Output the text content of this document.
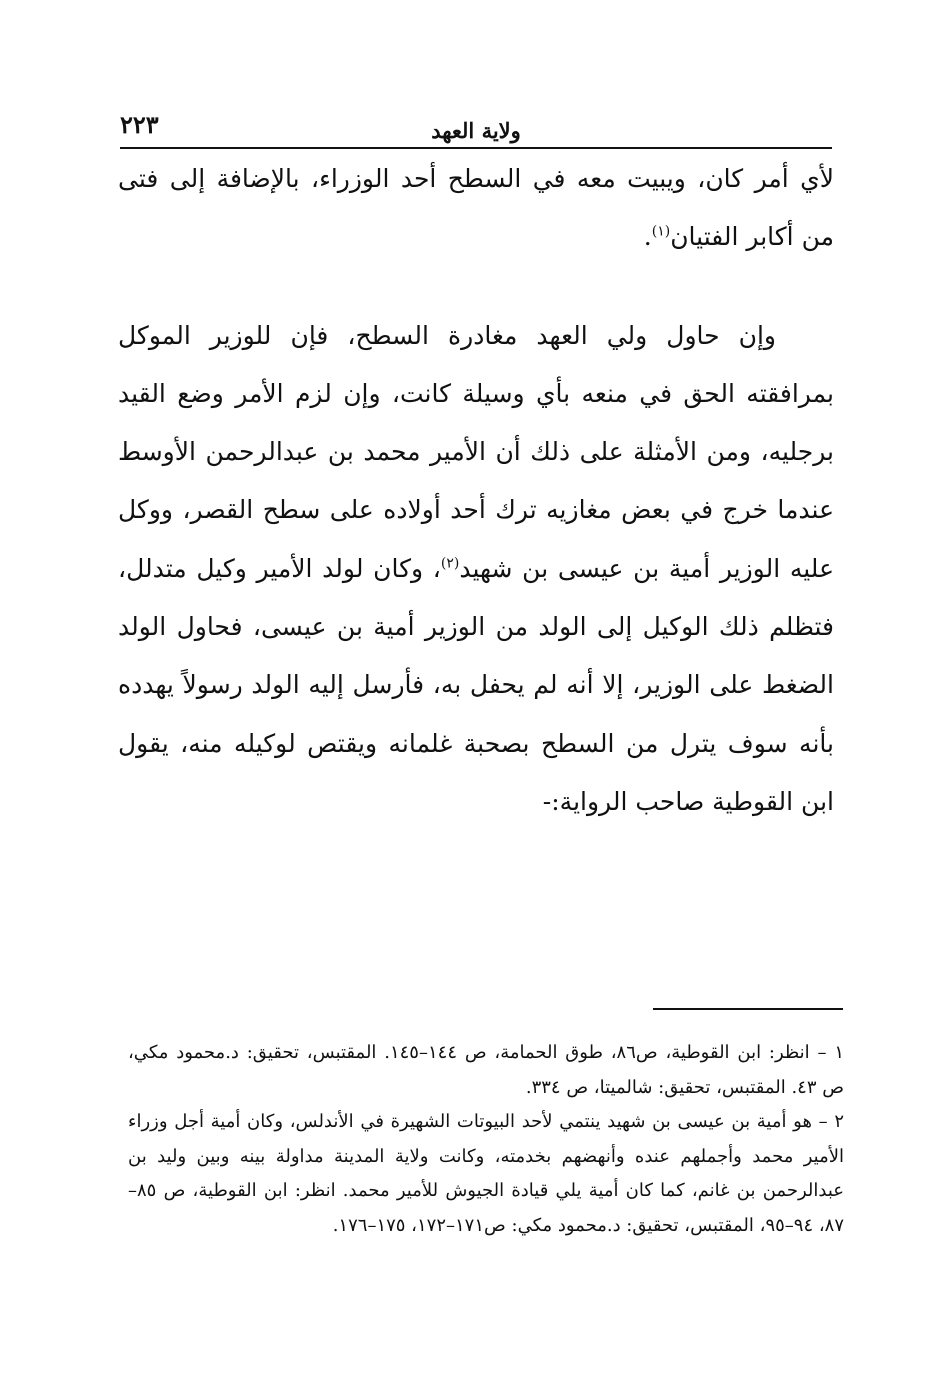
ولاية العهد
٢٢٣

لأي أمر كان، ويبيت معه في السطح أحد الوزراء، بالإضافة إلى فتى من أكابر الفتيان$^{(١)}$.

وإن حاول ولي العهد مغادرة السطح، فإن للوزير الموكل بمرافقته الحق في منعه بأي وسيلة كانت، وإن لزم الأمر وضع القيد برجليه، ومن الأمثلة على ذلك أن الأمير محمد بن عبدالرحمن الأوسط عندما خرج في بعض مغازيه ترك أحد أولاده على سطح القصر، ووكل عليه الوزير أمية بن عيسى بن شهيد$^{(٢)}$، وكان لولد الأمير وكيل متدلل، فتظلم ذلك الوكيل إلى الولد من الوزير أمية بن عيسى، فحاول الولد الضغط على الوزير، إلا أنه لم يحفل به، فأرسل إليه الولد رسولاً يهدده بأنه سوف يترل من السطح بصحبة غلمانه ويقتص لوكيله منه، يقول ابن القوطية صاحب الرواية:-

١ – انظر: ابن القوطية، ص٨٦، طوق الحمامة، ص ١٤٤–١٤٥. المقتبس، تحقيق: د.محمود مكي، ص ٤٣. المقتبس، تحقيق: شالميتا، ص ٣٣٤.

٢ – هو أمية بن عيسى بن شهيد ينتمي لأحد البيوتات الشهيرة في الأندلس، وكان أمية أجل وزراء الأمير محمد وأجملهم عنده وأنهضهم بخدمته، وكانت ولاية المدينة مداولة بينه وبين وليد بن عبدالرحمن بن غانم، كما كان أمية يلي قيادة الجيوش للأمير محمد. انظر: ابن القوطية، ص ٨٥–٨٧، ٩٤–٩٥، المقتبس، تحقيق: د.محمود مكي: ص١٧١–١٧٢، ١٧٥–١٧٦.
